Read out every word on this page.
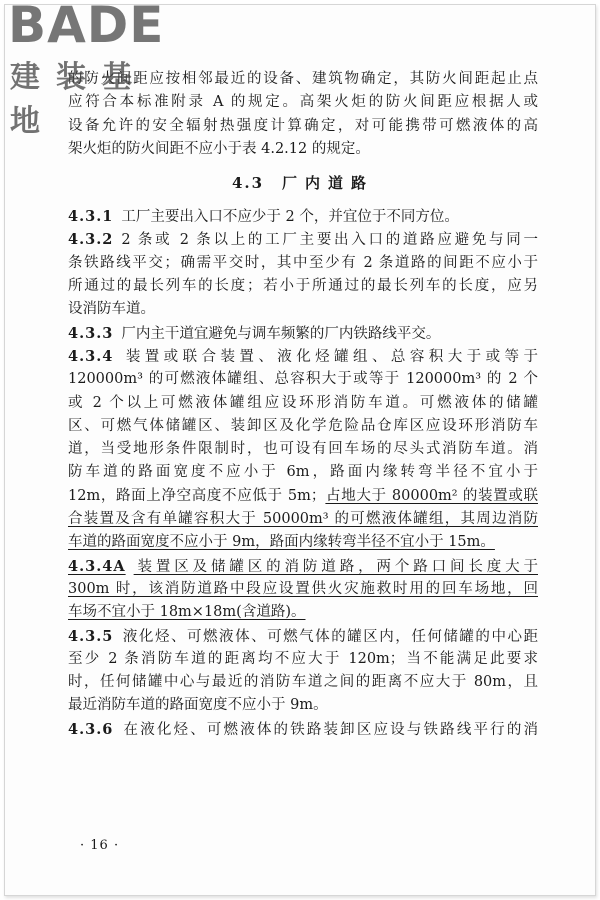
BADE
建装基地
的防火间距应按相邻最近的设备、建筑物确定，其防火间距起止点
应符合本标准附录 A 的规定。高架火炬的防火间距应根据人或
设备允许的安全辐射热强度计算确定，对可能携带可燃液体的高
架火炬的防火间距不应小于表 4.2.12 的规定。
4.3 厂内道路
4.3.1 工厂主要出入口不应少于 2 个，并宜位于不同方位。
4.3.2 2 条或 2 条以上的工厂主要出入口的道路应避免与同一
条铁路线平交；确需平交时，其中至少有 2 条道路的间距不应小于
所通过的最长列车的长度；若小于所通过的最长列车的长度，应另
设消防车道。
4.3.3 厂内主干道宜避免与调车频繁的厂内铁路线平交。
4.3.4 装置或联合装置、液化烃罐组、总容积大于或等于
120000m³ 的可燃液体罐组、总容积大于或等于 120000m³ 的 2 个
或 2 个以上可燃液体罐组应设环形消防车道。可燃液体的储罐
区、可燃气体储罐区、装卸区及化学危险品仓库区应设环形消防车
道，当受地形条件限制时，也可设有回车场的尽头式消防车道。消
防车道的路面宽度不应小于 6m，路面内缘转弯半径不宜小于
12m，路面上净空高度不应低于 5m；占地大于 80000m² 的装置或联
合装置及含有单罐容积大于 50000m³ 的可燃液体罐组，其周边消防
车道的路面宽度不应小于 9m，路面内缘转弯半径不宜小于 15m。
4.3.4A 装置区及储罐区的消防道路，两个路口间长度大于
300m 时，该消防道路中段应设置供火灾施救时用的回车场地，回
车场不宜小于 18m×18m(含道路)。
4.3.5 液化烃、可燃液体、可燃气体的罐区内，任何储罐的中心距
至少 2 条消防车道的距离均不应大于 120m；当不能满足此要求
时，任何储罐中心与最近的消防车道之间的距离不应大于 80m，且
最近消防车道的路面宽度不应小于 9m。
4.3.6 在液化烃、可燃液体的铁路装卸区应设与铁路线平行的消
· 16 ·
